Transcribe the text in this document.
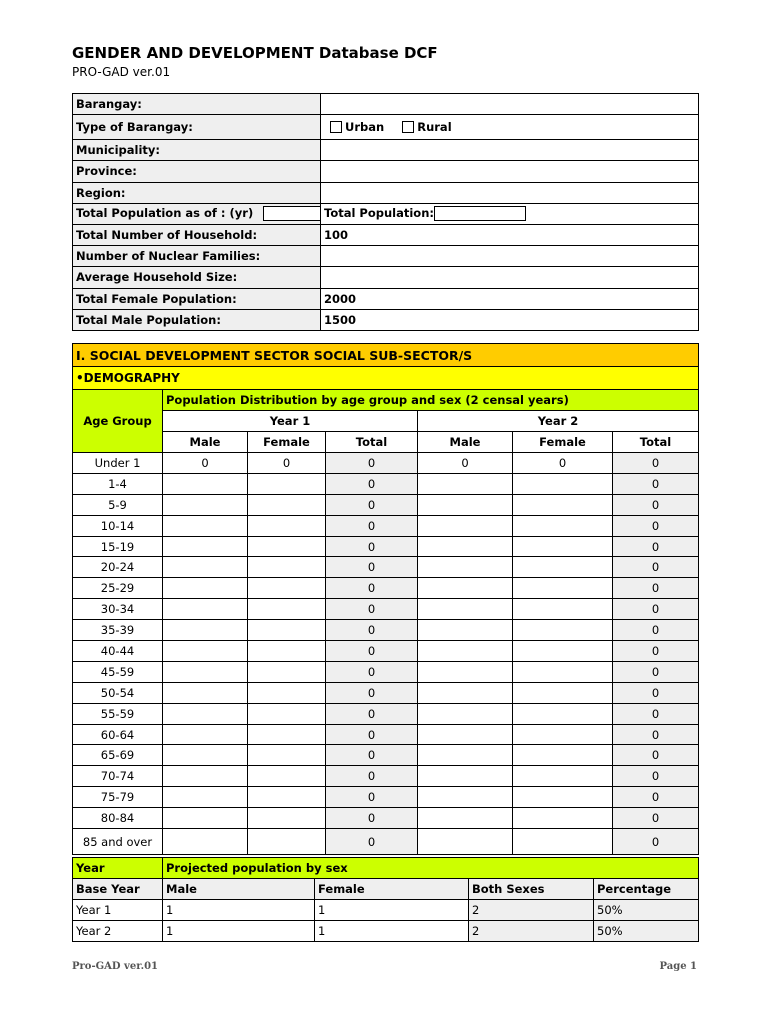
GENDER AND DEVELOPMENT Database DCF
PRO-GAD ver.01
Barangay:	
Type of Barangay:	Urban Rural
Municipality:	
Province:	
Region:	
Total Population as of : (yr)	Total Population:
Total Number of Household:	100
Number of Nuclear Families:	
Average Household Size:	
Total Female Population:	2000
Total Male Population:	1500
I. SOCIAL DEVELOPMENT SECTOR SOCIAL SUB-SECTOR/S						
•DEMOGRAPHY						
Age Group	Population Distribution by age group and sex (2 censal years)					
	Year 1			Year 2		
	Male	Female	Total	Male	Female	Total
Under 1	0	0	0	0	0	0
1-4			0			0
5-9			0			0
10-14			0			0
15-19			0			0
20-24			0			0
25-29			0			0
30-34			0			0
35-39			0			0
40-44			0			0
45-59			0			0
50-54			0			0
55-59			0			0
60-64			0			0
65-69			0			0
70-74			0			0
75-79			0			0
80-84			0			0
85 and over			0			0
Year	Projected population by sex			
Base Year	Male	Female	Both Sexes	Percentage
Year 1	1	1	2	50%
Year 2	1	1	2	50%
Pro-GAD ver.01	Page 1
